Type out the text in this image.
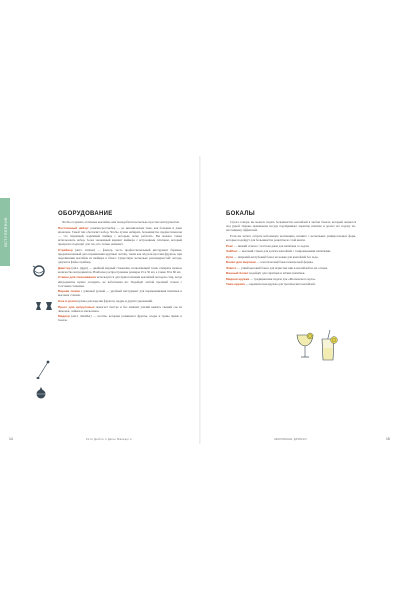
ВСТУПЛЕНИЕ
ОБОРУДОВАНИЕ

Чтобы создавать отличные коктейли, вам понадобится несколько простых инструментов.

Постоянный набор: ромемосрессмебер — до механические тоже, как большие и даже японские. Такой тип обеспечит набор. Чтобы лучше набирать большинство профессионалов — это тиражный, надёжный шейкер с которым легко работать. Вы можете также использовать набор, более экономный вариант шейкера с встроенным ситечком, который прекрасно подходит для тех, кто только начинает.

Стрейнер (англ. strainer) — фильтр, часто профессиональный инструмент бармена, предназначенный для отцеживания крупных частиц, таких как лёд или кусочки фруктов, при переливании коктейля из шейкера в бокал. Существует несколько разновидностей: хоторн, джулеп и файн-стрейнер.

Джиггер (англ. jigger) — двойной мерный стаканчик, позволяющий точно отмерить нужное количество ингредиентов. Наиболее распространены размеры 25 и 50 мл, а также 30 и 60 мл.

Стакан для смешивания используется для приготовления коктейлей методом стир, когда ингредиенты нужно охладить, не взбалтывая их. Подойдёт любой прочный стакан с толстыми стенками.

Барная ложка с длинной ручкой — удобный инструмент для перемешивания напитков в высоком стакане.

Нож и доска нужны для нарезки фруктов, цедры и других украшений.

Пресс для цитрусовых помогает быстро и без лишних усилий выжать свежий сок из лимонов, лаймов и апельсинов.

Мадлер (англ. muddler) — пестик, которым разминают фрукты, ягоды и травы прямо в бокале.

Кэти Дейли и Джон Маккарти
14
БОКАЛЫ

Строго говоря, вы можете подать большинство коктейлей в любом бокале, который окажется под рукой. Однако правильная посуда подчёркивает характер напитка и делает его подачу по-настоящему эффектной.

Если вы хотите собрать небольшую коллекцию, начните с нескольких универсальных форм, которые подойдут для большинства рецептов из этой книги.

Рокс — низкий стакан с толстым дном для напитков со льдом.

Хайбол — высокий стакан для долгих коктейлей с газированными напитками.

Купе — широкий неглубокий бокал на ножке для коктейлей без льда.

Бокал для мартини — классический бокал конической формы.

Флюте — узкий высокий бокал для игристых вин и коктейлей на их основе.

Винный бокал подойдёт для спритцев и лёгких напитков.

Медная кружка — традиционная подача для «Московского мула».

Тики-кружка — керамическая кружка для тропических коктейлей.

ЗЕМЛЯНЫЕ ДРИНКИ	15
